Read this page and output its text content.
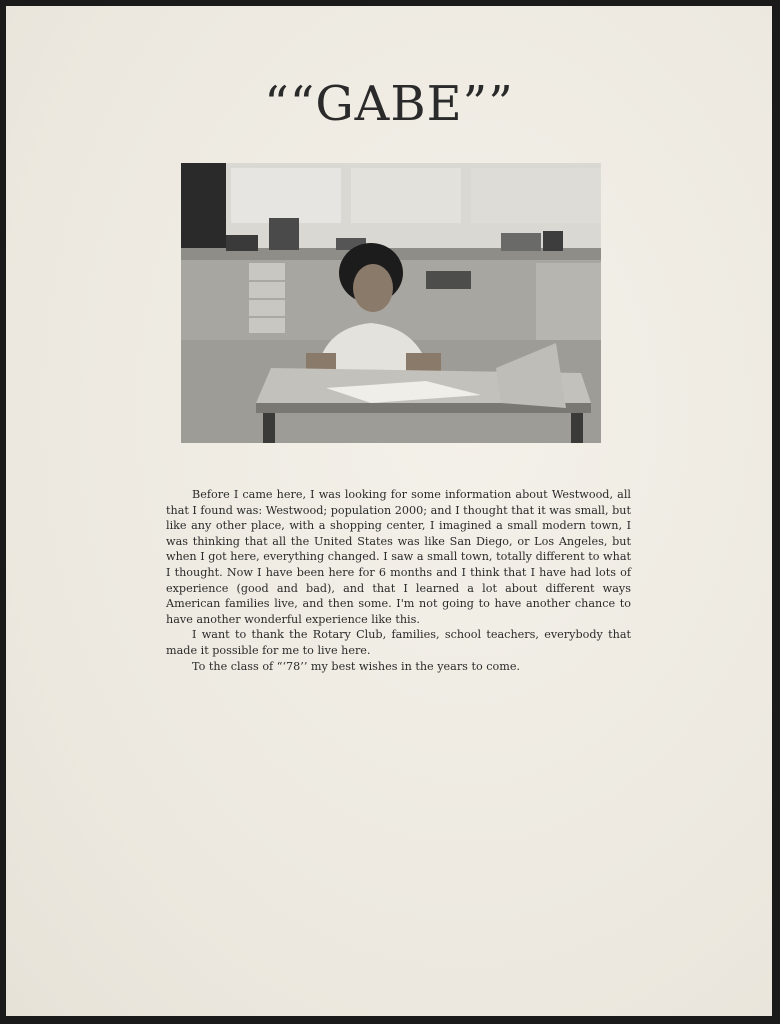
““GABE””

Before I came here, I was looking for some information about Westwood, all that I found was: Westwood; population 2000; and I thought that it was small, but like any other place, with a shopping center, I imagined a small modern town, I was thinking that all the United States was like San Diego, or Los Angeles, but when I got here, everything changed. I saw a small town, totally different to what I thought. Now I have been here for 6 months and I think that I have had lots of experience (good and bad), and that I learned a lot about different ways American families live, and then some. I'm not going to have another chance to have another wonderful experience like this.

I want to thank the Rotary Club, families, school teachers, everybody that made it possible for me to live here.

To the class of “‘78’’ my best wishes in the years to come.
